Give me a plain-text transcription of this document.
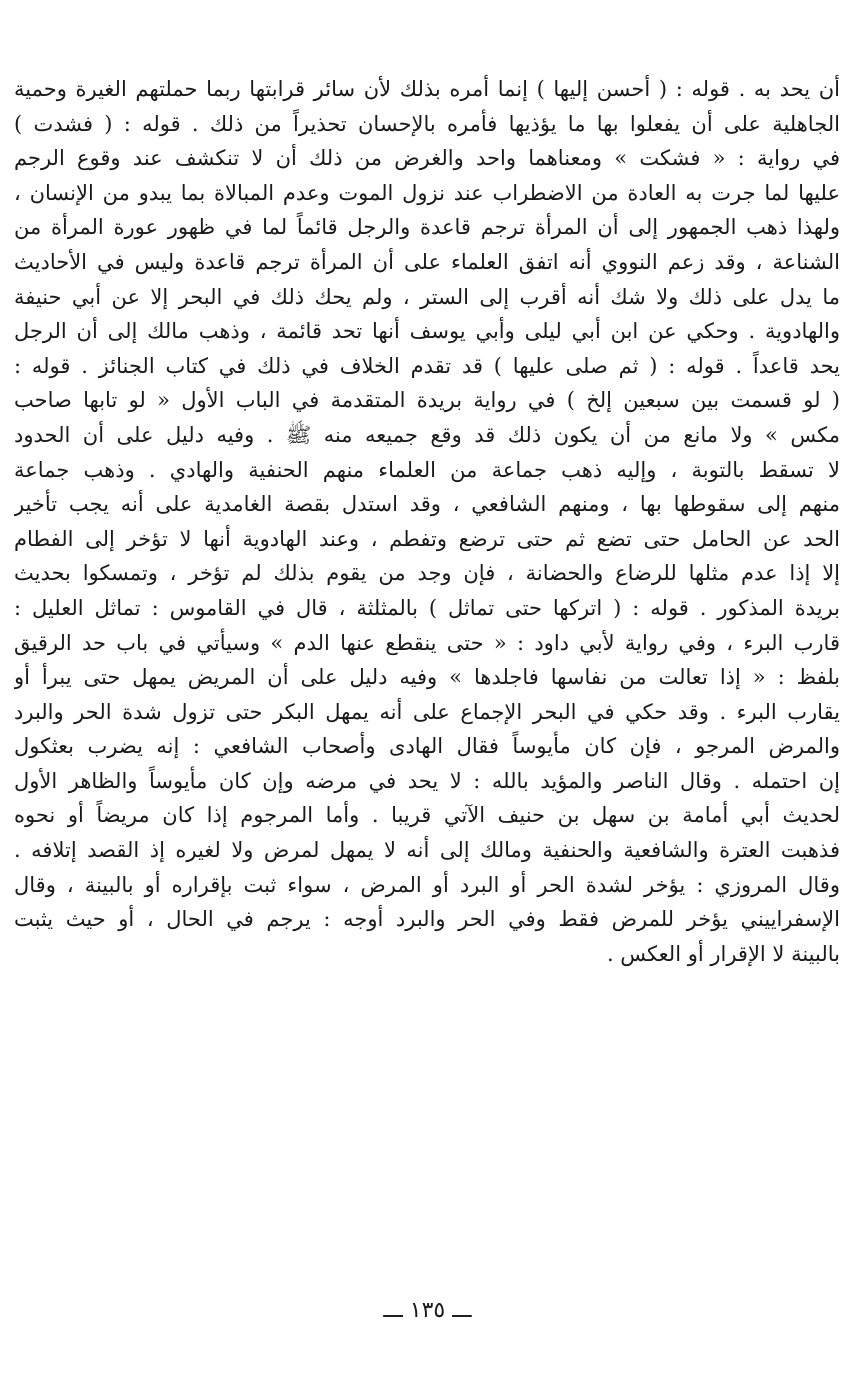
أن يحد به . قوله : ( أحسن إليها ) إنما أمره بذلك لأن سائر قرابتها ربما حملتهم الغيرة وحمية
الجاهلية على أن يفعلوا بها ما يؤذيها فأمره بالإحسان تحذيراً من ذلك . قوله : ( فشدت )
في رواية : « فشكت » ومعناهما واحد والغرض من ذلك أن لا تنكشف عند وقوع الرجم
عليها لما جرت به العادة من الاضطراب عند نزول الموت وعدم المبالاة بما يبدو من الإنسان ،
ولهذا ذهب الجمهور إلى أن المرأة ترجم قاعدة والرجل قائماً لما في ظهور عورة المرأة من
الشناعة ، وقد زعم النووي أنه اتفق العلماء على أن المرأة ترجم قاعدة وليس في الأحاديث
ما يدل على ذلك ولا شك أنه أقرب إلى الستر ، ولم يحك ذلك في البحر إلا عن أبي حنيفة
والهادوية . وحكي عن ابن أبي ليلى وأبي يوسف أنها تحد قائمة ، وذهب مالك إلى أن الرجل
يحد قاعداً . قوله : ( ثم صلى عليها ) قد تقدم الخلاف في ذلك في كتاب الجنائز . قوله :
( لو قسمت بين سبعين إلخ ) في رواية بريدة المتقدمة في الباب الأول « لو تابها صاحب
مكس » ولا مانع من أن يكون ذلك قد وقع جميعه منه ﷺ . وفيه دليل على أن الحدود
لا تسقط بالتوبة ، وإليه ذهب جماعة من العلماء منهم الحنفية والهادي . وذهب جماعة
منهم إلى سقوطها بها ، ومنهم الشافعي ، وقد استدل بقصة الغامدية على أنه يجب تأخير
الحد عن الحامل حتى تضع ثم حتى ترضع وتفطم ، وعند الهادوية أنها لا تؤخر إلى الفطام
إلا إذا عدم مثلها للرضاع والحضانة ، فإن وجد من يقوم بذلك لم تؤخر ، وتمسكوا بحديث
بريدة المذكور . قوله : ( اتركها حتى تماثل ) بالمثلثة ، قال في القاموس : تماثل العليل :
قارب البرء ، وفي رواية لأبي داود : « حتى ينقطع عنها الدم » وسيأتي في باب حد الرقيق
بلفظ : « إذا تعالت من نفاسها فاجلدها » وفيه دليل على أن المريض يمهل حتى يبرأ أو
يقارب البرء . وقد حكي في البحر الإجماع على أنه يمهل البكر حتى تزول شدة الحر والبرد
والمرض المرجو ، فإن كان مأيوساً فقال الهادى وأصحاب الشافعي : إنه يضرب بعثكول
إن احتمله . وقال الناصر والمؤيد بالله : لا يحد في مرضه وإن كان مأيوساً والظاهر الأول
لحديث أبي أمامة بن سهل بن حنيف الآتي قريبا . وأما المرجوم إذا كان مريضاً أو نحوه
فذهبت العترة والشافعية والحنفية ومالك إلى أنه لا يمهل لمرض ولا لغيره إذ القصد إتلافه .
وقال المروزي : يؤخر لشدة الحر أو البرد أو المرض ، سواء ثبت بإقراره أو بالبينة ، وقال
الإسفراييني يؤخر للمرض فقط وفي الحر والبرد أوجه : يرجم في الحال ، أو حيث يثبت
بالبينة لا الإقرار أو العكس .
ـــ ١٣٥ ـــ
